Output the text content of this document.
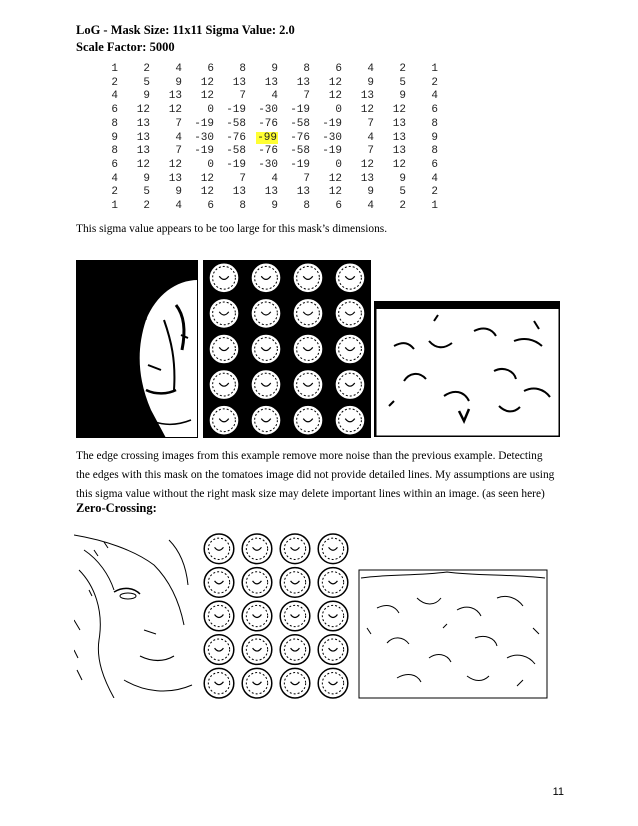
LoG - Mask Size: 11x11 Sigma Value: 2.0
Scale Factor: 5000
1	2	4	6	8	9	8	6	4	2	1
2	5	9	12	13	13	13	12	9	5	2
4	9	13	12	7	4	7	12	13	9	4
6	12	12	0	-19	-30	-19	0	12	12	6
8	13	7	-19	-58	-76	-58	-19	7	13	8
9	13	4	-30	-76	-99	-76	-30	4	13	9
8	13	7	-19	-58	-76	-58	-19	7	13	8
6	12	12	0	-19	-30	-19	0	12	12	6
4	9	13	12	7	4	7	12	13	9	4
2	5	9	12	13	13	13	12	9	5	2
1	2	4	6	8	9	8	6	4	2	1
This sigma value appears to be too large for this mask’s dimensions.
The edge crossing images from this example remove more noise than the previous example. Detecting
the edges with this mask on the tomatoes image did not provide detailed lines. My assumptions are using
this sigma value without the right mask size may delete important lines within an image. (as seen here)
Zero-Crossing:
11
